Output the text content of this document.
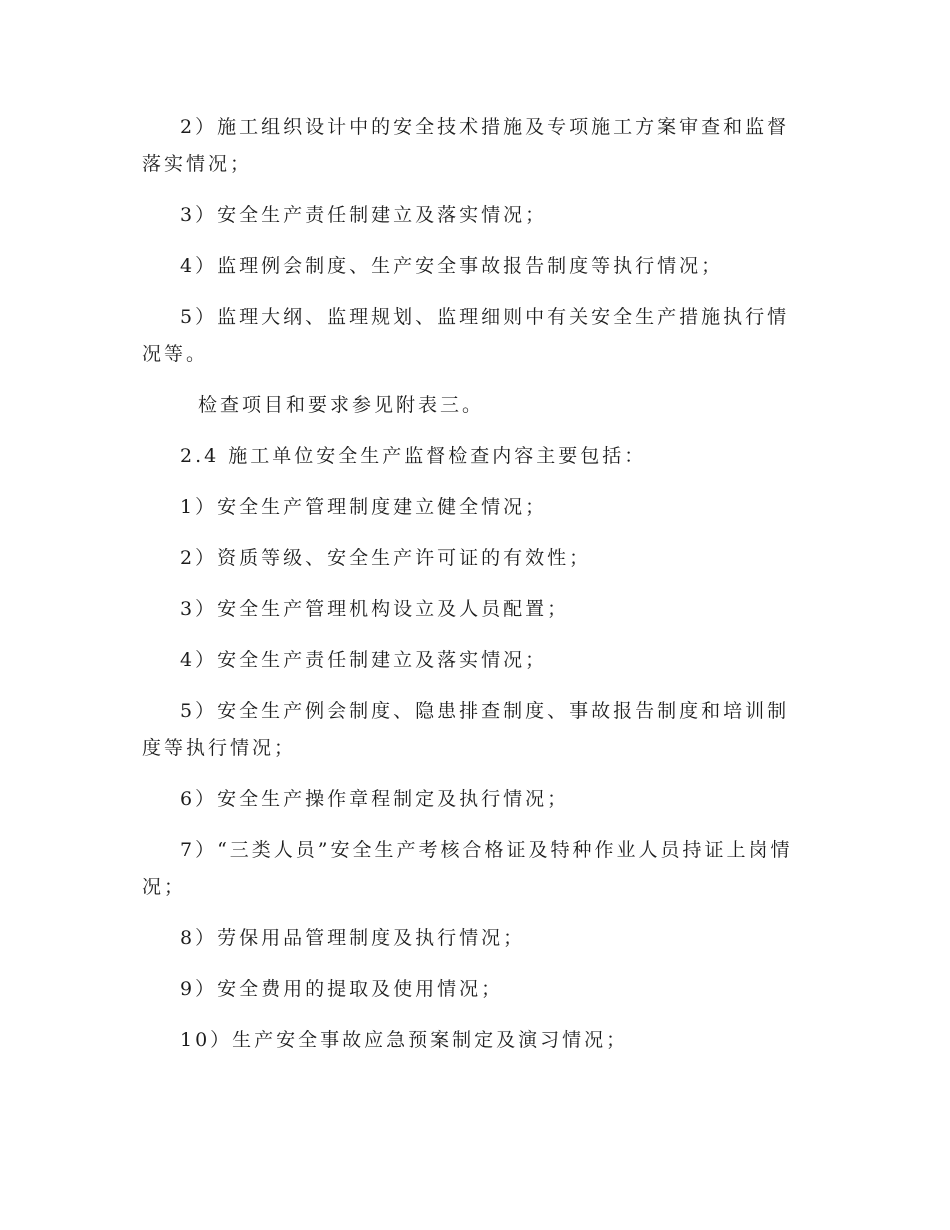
2）施工组织设计中的安全技术措施及专项施工方案审查和监督落实情况；

3）安全生产责任制建立及落实情况；

4）监理例会制度、生产安全事故报告制度等执行情况；

5）监理大纲、监理规划、监理细则中有关安全生产措施执行情况等。

检查项目和要求参见附表三。

2.4 施工单位安全生产监督检查内容主要包括：

1）安全生产管理制度建立健全情况；

2）资质等级、安全生产许可证的有效性；

3）安全生产管理机构设立及人员配置；

4）安全生产责任制建立及落实情况；

5）安全生产例会制度、隐患排查制度、事故报告制度和培训制度等执行情况；

6）安全生产操作章程制定及执行情况；

7）“三类人员”安全生产考核合格证及特种作业人员持证上岗情况；

8）劳保用品管理制度及执行情况；

9）安全费用的提取及使用情况；

10）生产安全事故应急预案制定及演习情况；
